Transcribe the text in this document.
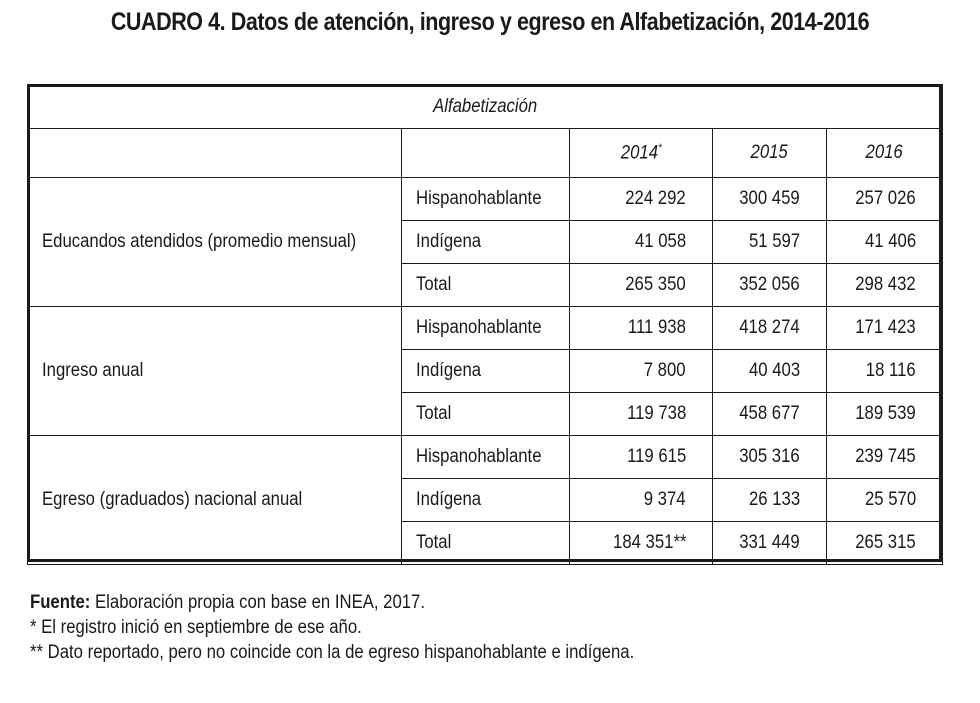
CUADRO 4. Datos de atención, ingreso y egreso en Alfabetización, 2014-2016
Alfabetización				
		2014*	2015	2016
Educandos atendidos (promedio mensual)	Hispanohablante	224 292	300 459	257 026
	Indígena	41 058	51 597	41 406
	Total	265 350	352 056	298 432
Ingreso anual	Hispanohablante	111 938	418 274	171 423
	Indígena	7 800	40 403	18 116
	Total	119 738	458 677	189 539
Egreso (graduados) nacional anual	Hispanohablante	119 615	305 316	239 745
	Indígena	9 374	26 133	25 570
	Total	184 351**	331 449	265 315
Fuente: Elaboración propia con base en INEA, 2017.
* El registro inició en septiembre de ese año.
** Dato reportado, pero no coincide con la de egreso hispanohablante e indígena.
